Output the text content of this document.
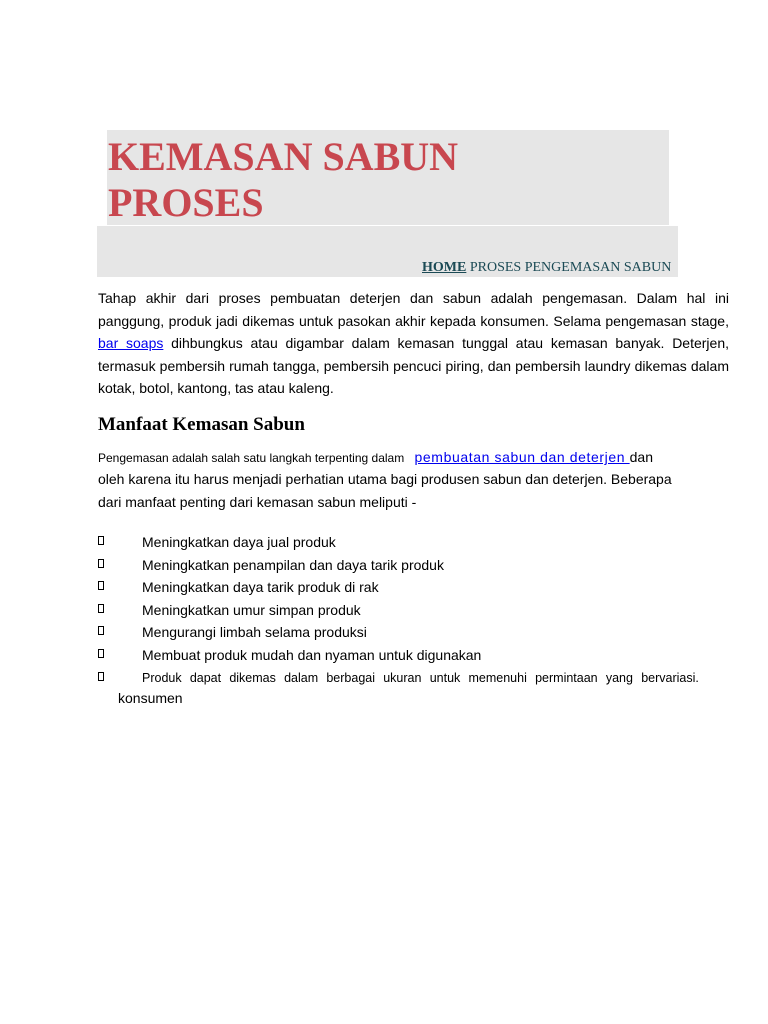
KEMASAN SABUN
PROSES
HOME PROSES PENGEMASAN SABUN

Tahap akhir dari proses pembuatan deterjen dan sabun adalah pengemasan. Dalam hal ini panggung, produk jadi dikemas untuk pasokan akhir kepada konsumen. Selama pengemasan stage, bar soaps dihbungkus atau digambar dalam kemasan tunggal atau kemasan banyak. Deterjen, termasuk pembersih rumah tangga, pembersih pencuci piring, dan pembersih laundry dikemas dalam kotak, botol, kantong, tas atau kaleng.

Manfaat Kemasan Sabun
Pengemasan adalah salah satu langkah terpenting dalam pembuatan sabun dan deterjen dan

oleh karena itu harus menjadi perhatian utama bagi produsen sabun dan deterjen. Beberapa dari manfaat penting dari kemasan sabun meliputi -

Meningkatkan daya jual produk
Meningkatkan penampilan dan daya tarik produk
Meningkatkan daya tarik produk di rak
Meningkatkan umur simpan produk
Mengurangi limbah selama produksi
Membuat produk mudah dan nyaman untuk digunakan
Produk dapat dikemas dalam berbagai ukuran untuk memenuhi permintaan yang bervariasi.
konsumen
